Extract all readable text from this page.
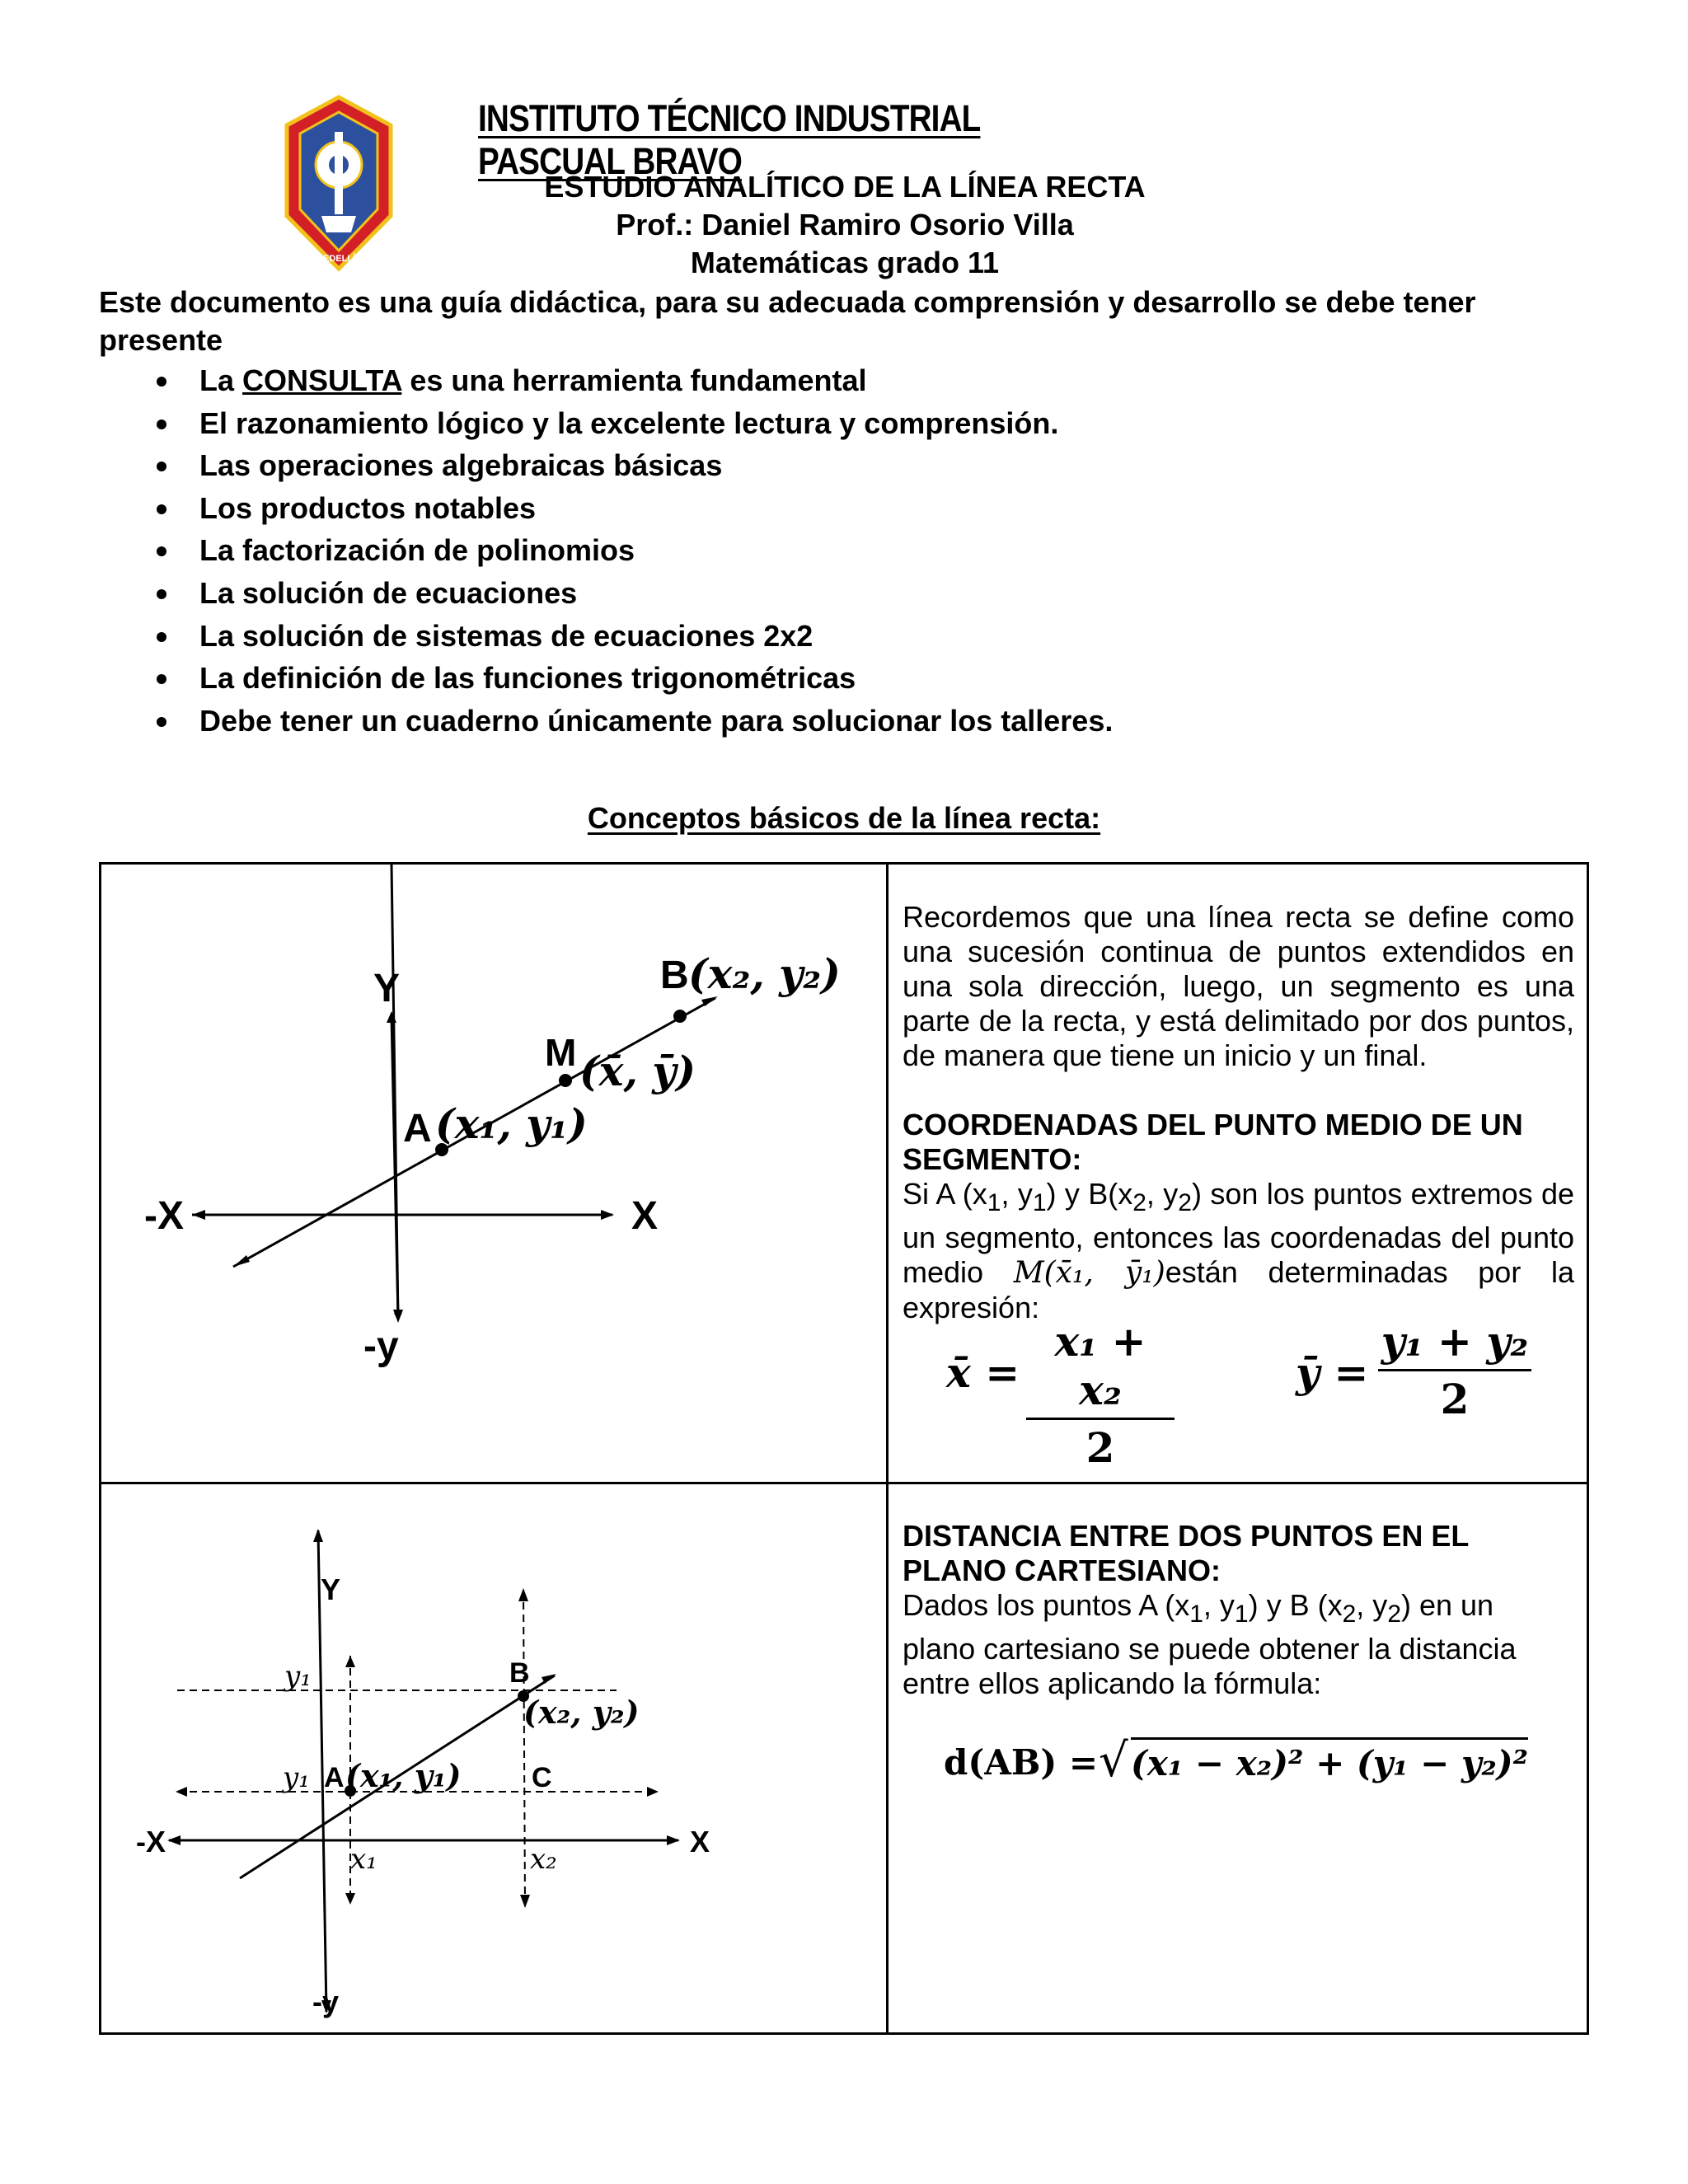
MEDELLÍN
INSTITUTO TÉCNICO INDUSTRIAL PASCUAL BRAVO
ESTUDIO ANALÍTICO DE LA LÍNEA RECTA
Prof.: Daniel Ramiro Osorio Villa
Matemáticas grado 11
Este documento es una guía didáctica, para su adecuada comprensión y desarrollo se debe tener presente
La CONSULTA es una herramienta fundamental
El razonamiento lógico y la excelente lectura y comprensión.
Las operaciones algebraicas básicas
Los productos notables
La factorización de polinomios
La solución de ecuaciones
La solución de sistemas de ecuaciones 2x2
La definición de las funciones trigonométricas
Debe tener un cuaderno únicamente para solucionar los talleres.
Conceptos básicos de la línea recta:
Y
-y
-X	X
A (x₁, y₁)
M (x̄, ȳ)
B (x₂, y₂)
Recordemos que una línea recta se define como una sucesión continua de puntos extendidos en una sola dirección, luego, un segmento es una parte de la recta, y está delimitado por dos puntos, de manera que tiene un inicio y un final.
COORDENADAS DEL PUNTO MEDIO DE UN SEGMENTO:
Si A ($x_1$, $y_1$) y $B(x_2$, $y_2$) son los puntos extremos de un segmento, entonces las coordenadas del punto medio M(x̄₁, ȳ₁)están determinadas por la expresión:
x̄ =
x₁ + x₂
2
ȳ =
y₁ + y₂
2
Y
-y
-X	X
y₁
y₁ A (x₁, y₁)
B
(x₂, y₂)
C
x₁	x₂
DISTANCIA ENTRE DOS PUNTOS EN EL PLANO CARTESIANO:
Dados los puntos A ($x_1$, $y_1$) y B ($x_2$, $y_2$) en un plano cartesiano se puede obtener la distancia entre ellos aplicando la fórmula:
d(AB) = √ (x₁ − x₂)² + (y₁ − y₂)²
